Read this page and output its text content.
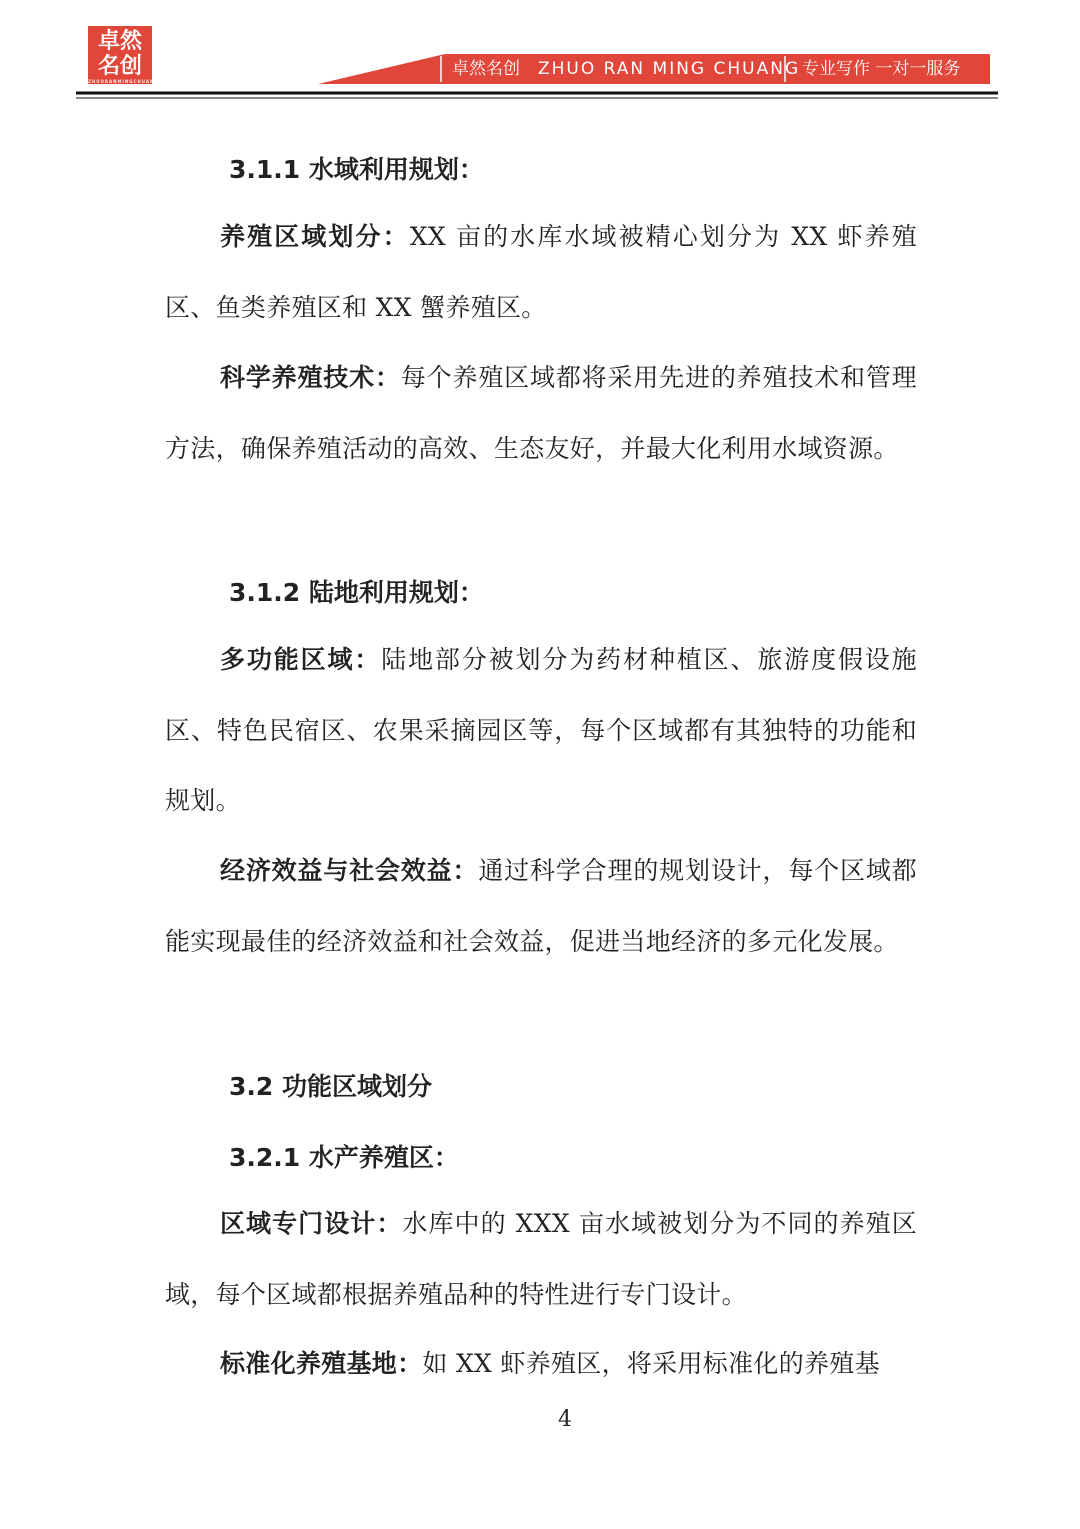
卓然
名创
ZHUORANMINGCHUANG
卓然名创 ZHUO RAN MING CHUANG 专业写作 一对一服务
3.1.1 水域利用规划：
养殖区域划分：XX 亩的水库水域被精心划分为 XX 虾养殖区、鱼类养殖区和 XX 蟹养殖区。
科学养殖技术：每个养殖区域都将采用先进的养殖技术和管理方法，确保养殖活动的高效、生态友好，并最大化利用水域资源。
3.1.2 陆地利用规划：
多功能区域：陆地部分被划分为药材种植区、旅游度假设施区、特色民宿区、农果采摘园区等，每个区域都有其独特的功能和规划。
经济效益与社会效益：通过科学合理的规划设计，每个区域都能实现最佳的经济效益和社会效益，促进当地经济的多元化发展。
3.2 功能区域划分
3.2.1 水产养殖区：
区域专门设计：水库中的 XXX 亩水域被划分为不同的养殖区域，每个区域都根据养殖品种的特性进行专门设计。
标准化养殖基地：如 XX 虾养殖区，将采用标准化的养殖基
4
